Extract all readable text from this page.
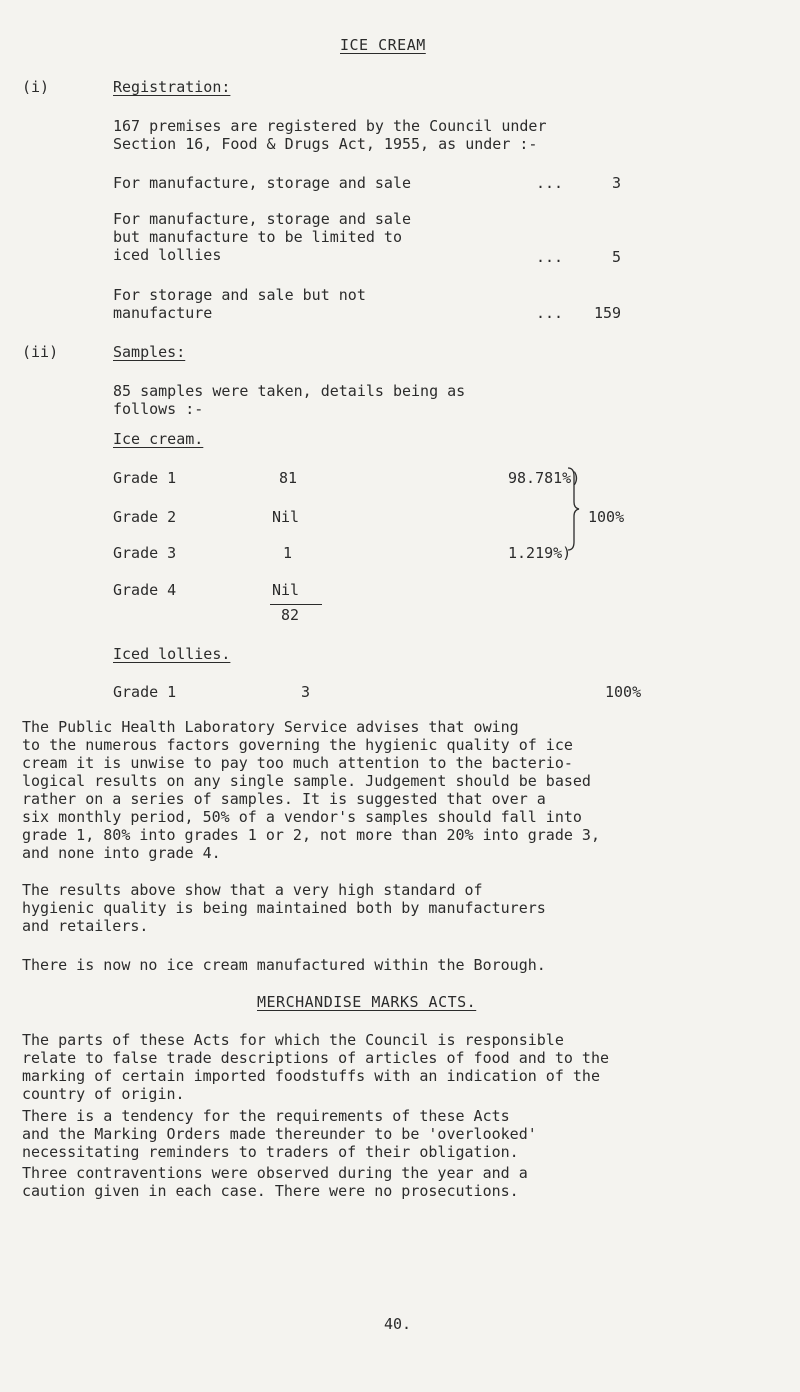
ICE CREAM
(i)	Registration:
167 premises are registered by the Council under
Section 16, Food & Drugs Act, 1955, as under :-
For manufacture, storage and sale	...	3
For manufacture, storage and sale
but manufacture to be limited to
iced lollies	...	5
For storage and sale but not
manufacture	... 159
(ii)	Samples:
85 samples were taken, details being as
follows :-
Ice cream.
Grade 1	81	98.781%)
Grade 2	Nil	100%
Grade 3	1	1.219%)
Grade 4	Nil
82
Iced lollies.
Grade 1	3	100%
The Public Health Laboratory Service advises that owing
to the numerous factors governing the hygienic quality of ice
cream it is unwise to pay too much attention to the bacterio-
logical results on any single sample. Judgement should be based
rather on a series of samples. It is suggested that over a
six monthly period, 50% of a vendor's samples should fall into
grade 1, 80% into grades 1 or 2, not more than 20% into grade 3,
and none into grade 4.
The results above show that a very high standard of
hygienic quality is being maintained both by manufacturers
and retailers.
There is now no ice cream manufactured within the Borough.
MERCHANDISE MARKS ACTS.
The parts of these Acts for which the Council is responsible
relate to false trade descriptions of articles of food and to the
marking of certain imported foodstuffs with an indication of the
country of origin.
There is a tendency for the requirements of these Acts
and the Marking Orders made thereunder to be 'overlooked'
necessitating reminders to traders of their obligation.
Three contraventions were observed during the year and a
caution given in each case. There were no prosecutions.
40.
